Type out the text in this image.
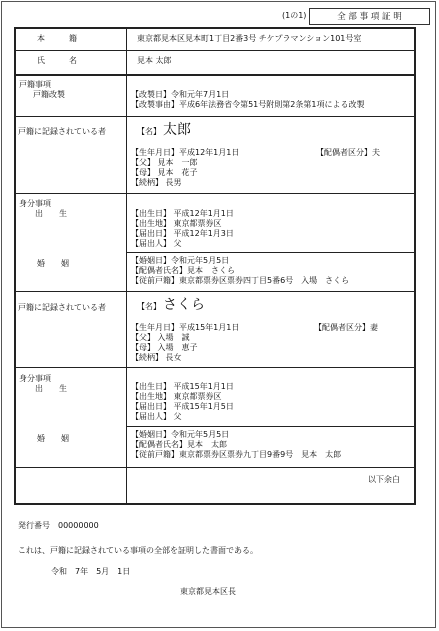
(1の1)	全 部 事 項 証 明
本　　　籍	東京都見本区見本町1丁目2番3号 チケプラマンション101号室
氏　　　名	見本 太郎
戸籍事項
戸籍改製	【改製日】令和元年7月1日
【改製事由】平成6年法務省令第51号附則第2条第1項による改製
戸籍に記録されている者	【名】 太郎
【生年月日】平成12年1月1日	【配偶者区分】夫
【父】 見本　一郎
【母】 見本　花子
【続柄】 長男
身分事項
出　　生	【出生日】 平成12年1月1日
【出生地】 東京都票券区
【届出日】 平成12年1月3日
【届出人】 父
婚　　姻	【婚姻日】令和元年5月5日
【配偶者氏名】見本　さくら
【従前戸籍】東京都票券区票券四丁目5番6号　入場　さくら
戸籍に記録されている者	【名】 さくら
【生年月日】平成15年1月1日	【配偶者区分】妻
【父】 入場　誠
【母】 入場　恵子
【続柄】 長女
身分事項
出　　生	【出生日】 平成15年1月1日
【出生地】 東京都票券区
【届出日】 平成15年1月5日
【届出人】 父
婚　　姻	【婚姻日】令和元年5月5日
【配偶者氏名】見本　太郎
【従前戸籍】東京都票券区票券九丁目9番9号　見本　太郎
以下余白
発行番号　00000000
これは、戸籍に記録されている事項の全部を証明した書面である。
令和　7年　5月　1日
東京都見本区長
